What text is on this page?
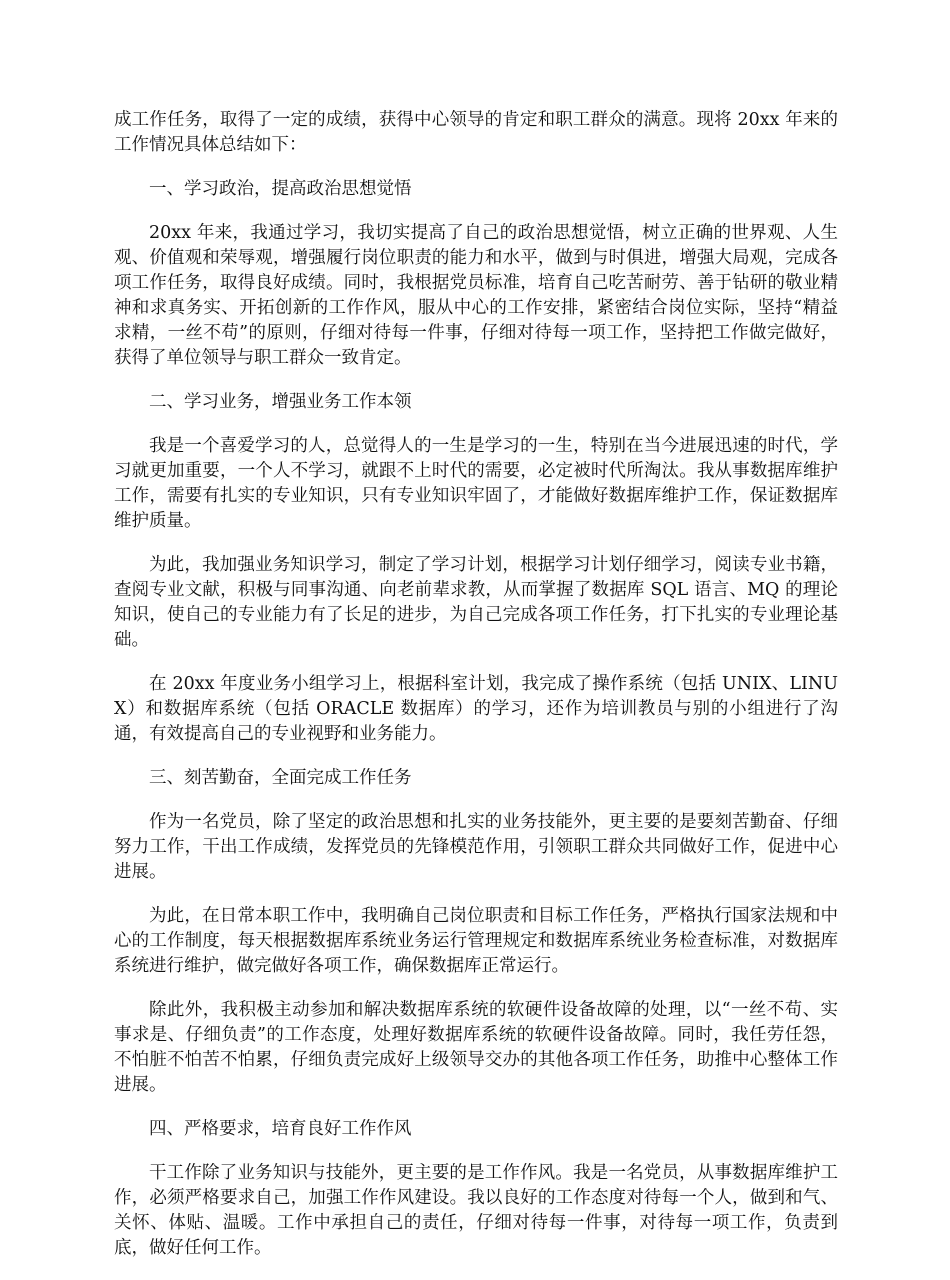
成工作任务，取得了一定的成绩，获得中心领导的肯定和职工群众的满意。现将 20xx 年来的工作情况具体总结如下：

一、学习政治，提高政治思想觉悟

20xx 年来，我通过学习，我切实提高了自己的政治思想觉悟，树立正确的世界观、人生观、价值观和荣辱观，增强履行岗位职责的能力和水平，做到与时俱进，增强大局观，完成各项工作任务，取得良好成绩。同时，我根据党员标准，培育自己吃苦耐劳、善于钻研的敬业精神和求真务实、开拓创新的工作作风，服从中心的工作安排，紧密结合岗位实际，坚持“精益求精，一丝不苟”的原则，仔细对待每一件事，仔细对待每一项工作，坚持把工作做完做好，获得了单位领导与职工群众一致肯定。

二、学习业务，增强业务工作本领

我是一个喜爱学习的人，总觉得人的一生是学习的一生，特别在当今进展迅速的时代，学习就更加重要，一个人不学习，就跟不上时代的需要，必定被时代所淘汰。我从事数据库维护工作，需要有扎实的专业知识，只有专业知识牢固了，才能做好数据库维护工作，保证数据库维护质量。

为此，我加强业务知识学习，制定了学习计划，根据学习计划仔细学习，阅读专业书籍，查阅专业文献，积极与同事沟通、向老前辈求教，从而掌握了数据库 SQL 语言、MQ 的理论知识，使自己的专业能力有了长足的进步，为自己完成各项工作任务，打下扎实的专业理论基础。

在 20xx 年度业务小组学习上，根据科室计划，我完成了操作系统（包括 UNIX、LINUX）和数据库系统（包括 ORACLE 数据库）的学习，还作为培训教员与别的小组进行了沟通，有效提高自己的专业视野和业务能力。

三、刻苦勤奋，全面完成工作任务

作为一名党员，除了坚定的政治思想和扎实的业务技能外，更主要的是要刻苦勤奋、仔细努力工作，干出工作成绩，发挥党员的先锋模范作用，引领职工群众共同做好工作，促进中心进展。

为此，在日常本职工作中，我明确自己岗位职责和目标工作任务，严格执行国家法规和中心的工作制度，每天根据数据库系统业务运行管理规定和数据库系统业务检查标准，对数据库系统进行维护，做完做好各项工作，确保数据库正常运行。

除此外，我积极主动参加和解决数据库系统的软硬件设备故障的处理，以“一丝不苟、实事求是、仔细负责”的工作态度，处理好数据库系统的软硬件设备故障。同时，我任劳任怨，不怕脏不怕苦不怕累，仔细负责完成好上级领导交办的其他各项工作任务，助推中心整体工作进展。

四、严格要求，培育良好工作作风

干工作除了业务知识与技能外，更主要的是工作作风。我是一名党员，从事数据库维护工作，必须严格要求自己，加强工作作风建设。我以良好的工作态度对待每一个人，做到和气、关怀、体贴、温暖。工作中承担自己的责任，仔细对待每一件事，对待每一项工作，负责到底，做好任何工作。
